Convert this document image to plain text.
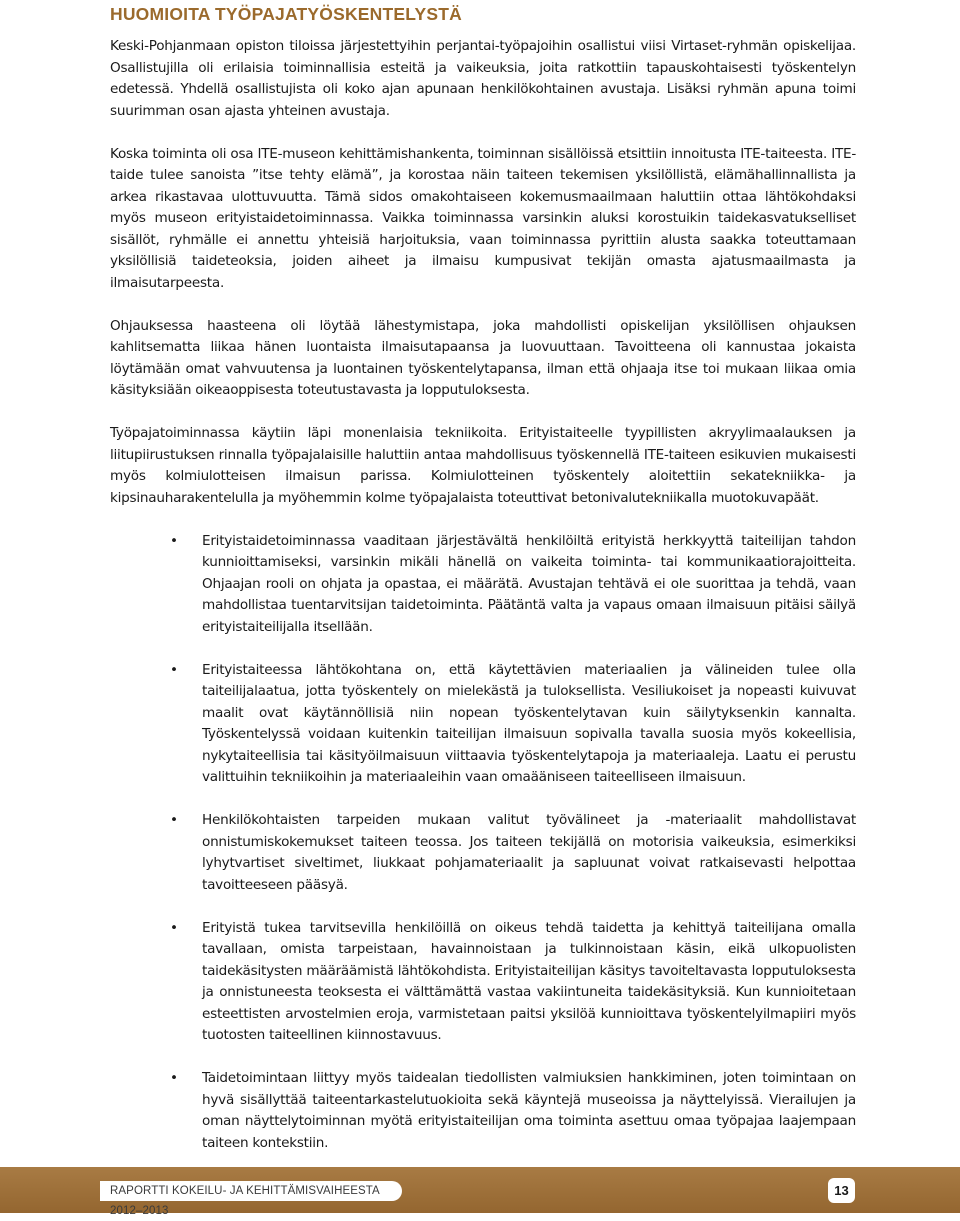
HUOMIOITA TYÖPAJATYÖSKENTELYSTÄ

Keski-Pohjanmaan opiston tiloissa järjestettyihin perjantai-työpajoihin osallistui viisi Virtaset-ryhmän opiskelijaa. Osallistujilla oli erilaisia toiminnallisia esteitä ja vaikeuksia, joita ratkottiin tapauskohtaisesti työskentelyn edetessä. Yhdellä osallistujista oli koko ajan apunaan henkilökohtainen avustaja. Lisäksi ryhmän apuna toimi suurimman osan ajasta yhteinen avustaja.

Koska toiminta oli osa ITE-museon kehittämishankenta, toiminnan sisällöissä etsittiin innoitusta ITE-taiteesta. ITE-taide tulee sanoista ”itse tehty elämä”, ja korostaa näin taiteen tekemisen yksilöllistä, elämähallinnallista ja arkea rikastavaa ulottuvuutta. Tämä sidos omakohtaiseen kokemusmaailmaan haluttiin ottaa lähtökohdaksi myös museon erityistaidetoiminnassa. Vaikka toiminnassa varsinkin aluksi korostuikin taidekasvatukselliset sisällöt, ryhmälle ei annettu yhteisiä harjoituksia, vaan toiminnassa pyrittiin alusta saakka toteuttamaan yksilöllisiä taideteoksia, joiden aiheet ja ilmaisu kumpusivat tekijän omasta ajatusmaailmasta ja ilmaisutarpeesta.

Ohjauksessa haasteena oli löytää lähestymistapa, joka mahdollisti opiskelijan yksilöllisen ohjauksen kahlitsematta liikaa hänen luontaista ilmaisutapaansa ja luovuuttaan. Tavoitteena oli kannustaa jokaista löytämään omat vahvuutensa ja luontainen työskentelytapansa, ilman että ohjaaja itse toi mukaan liikaa omia käsityksiään oikeaoppisesta toteutustavasta ja lopputuloksesta.

Työpajatoiminnassa käytiin läpi monenlaisia tekniikoita. Erityistaiteelle tyypillisten akryylimaalauksen ja liitupiirustuksen rinnalla työpajalaisille haluttiin antaa mahdollisuus työskennellä ITE-taiteen esikuvien mukaisesti myös kolmiulotteisen ilmaisun parissa. Kolmiulotteinen työskentely aloitettiin sekatekniikka- ja kipsinauharakentelulla ja myöhemmin kolme työpajalaista toteuttivat betonivalutekniikalla muotokuvapäät.

• Erityistaidetoiminnassa vaaditaan järjestävältä henkilöiltä erityistä herkkyyttä taiteilijan tahdon kunnioittamiseksi, varsinkin mikäli hänellä on vaikeita toiminta- tai kommunikaatiorajoitteita. Ohjaajan rooli on ohjata ja opastaa, ei määrätä. Avustajan tehtävä ei ole suorittaa ja tehdä, vaan mahdollistaa tuentarvitsijan taidetoiminta. Päätäntä valta ja vapaus omaan ilmaisuun pitäisi säilyä erityistaiteilijalla itsellään.
• Erityistaiteessa lähtökohtana on, että käytettävien materiaalien ja välineiden tulee olla taiteilijalaatua, jotta työskentely on mielekästä ja tuloksellista. Vesiliukoiset ja nopeasti kuivuvat maalit ovat käytännöllisiä niin nopean työskentelytavan kuin säilytyksenkin kannalta. Työskentelyssä voidaan kuitenkin taiteilijan ilmaisuun sopivalla tavalla suosia myös kokeellisia, nykytaiteellisia tai käsityöilmaisuun viittaavia työskentelytapoja ja materiaaleja. Laatu ei perustu valittuihin tekniikoihin ja materiaaleihin vaan omaääniseen taiteelliseen ilmaisuun.
• Henkilökohtaisten tarpeiden mukaan valitut työvälineet ja -materiaalit mahdollistavat onnistumiskokemukset taiteen teossa. Jos taiteen tekijällä on motorisia vaikeuksia, esimerkiksi lyhytvartiset siveltimet, liukkaat pohjamateriaalit ja sapluunat voivat ratkaisevasti helpottaa tavoitteeseen pääsyä.
• Erityistä tukea tarvitsevilla henkilöillä on oikeus tehdä taidetta ja kehittyä taiteilijana omalla tavallaan, omista tarpeistaan, havainnoistaan ja tulkinnoistaan käsin, eikä ulkopuolisten taidekäsitysten määräämistä lähtökohdista. Erityistaiteilijan käsitys tavoiteltavasta lopputuloksesta ja onnistuneesta teoksesta ei välttämättä vastaa vakiintuneita taidekäsityksiä. Kun kunnioitetaan esteettisten arvostelmien eroja, varmistetaan paitsi yksilöä kunnioittava työskentelyilmapiiri myös tuotosten taiteellinen kiinnostavuus.
• Taidetoimintaan liittyy myös taidealan tiedollisten valmiuksien hankkiminen, joten toimintaan on hyvä sisällyttää taiteentarkastelutuokioita sekä käyntejä museoissa ja näyttelyissä. Vierailujen ja oman näyttelytoiminnan myötä erityistaiteilijan oma toiminta asettuu omaa työpajaa laajempaan taiteen kontekstiin.
RAPORTTI KOKEILU- JA KEHITTÄMISVAIHEESTA 2012–2013
13
